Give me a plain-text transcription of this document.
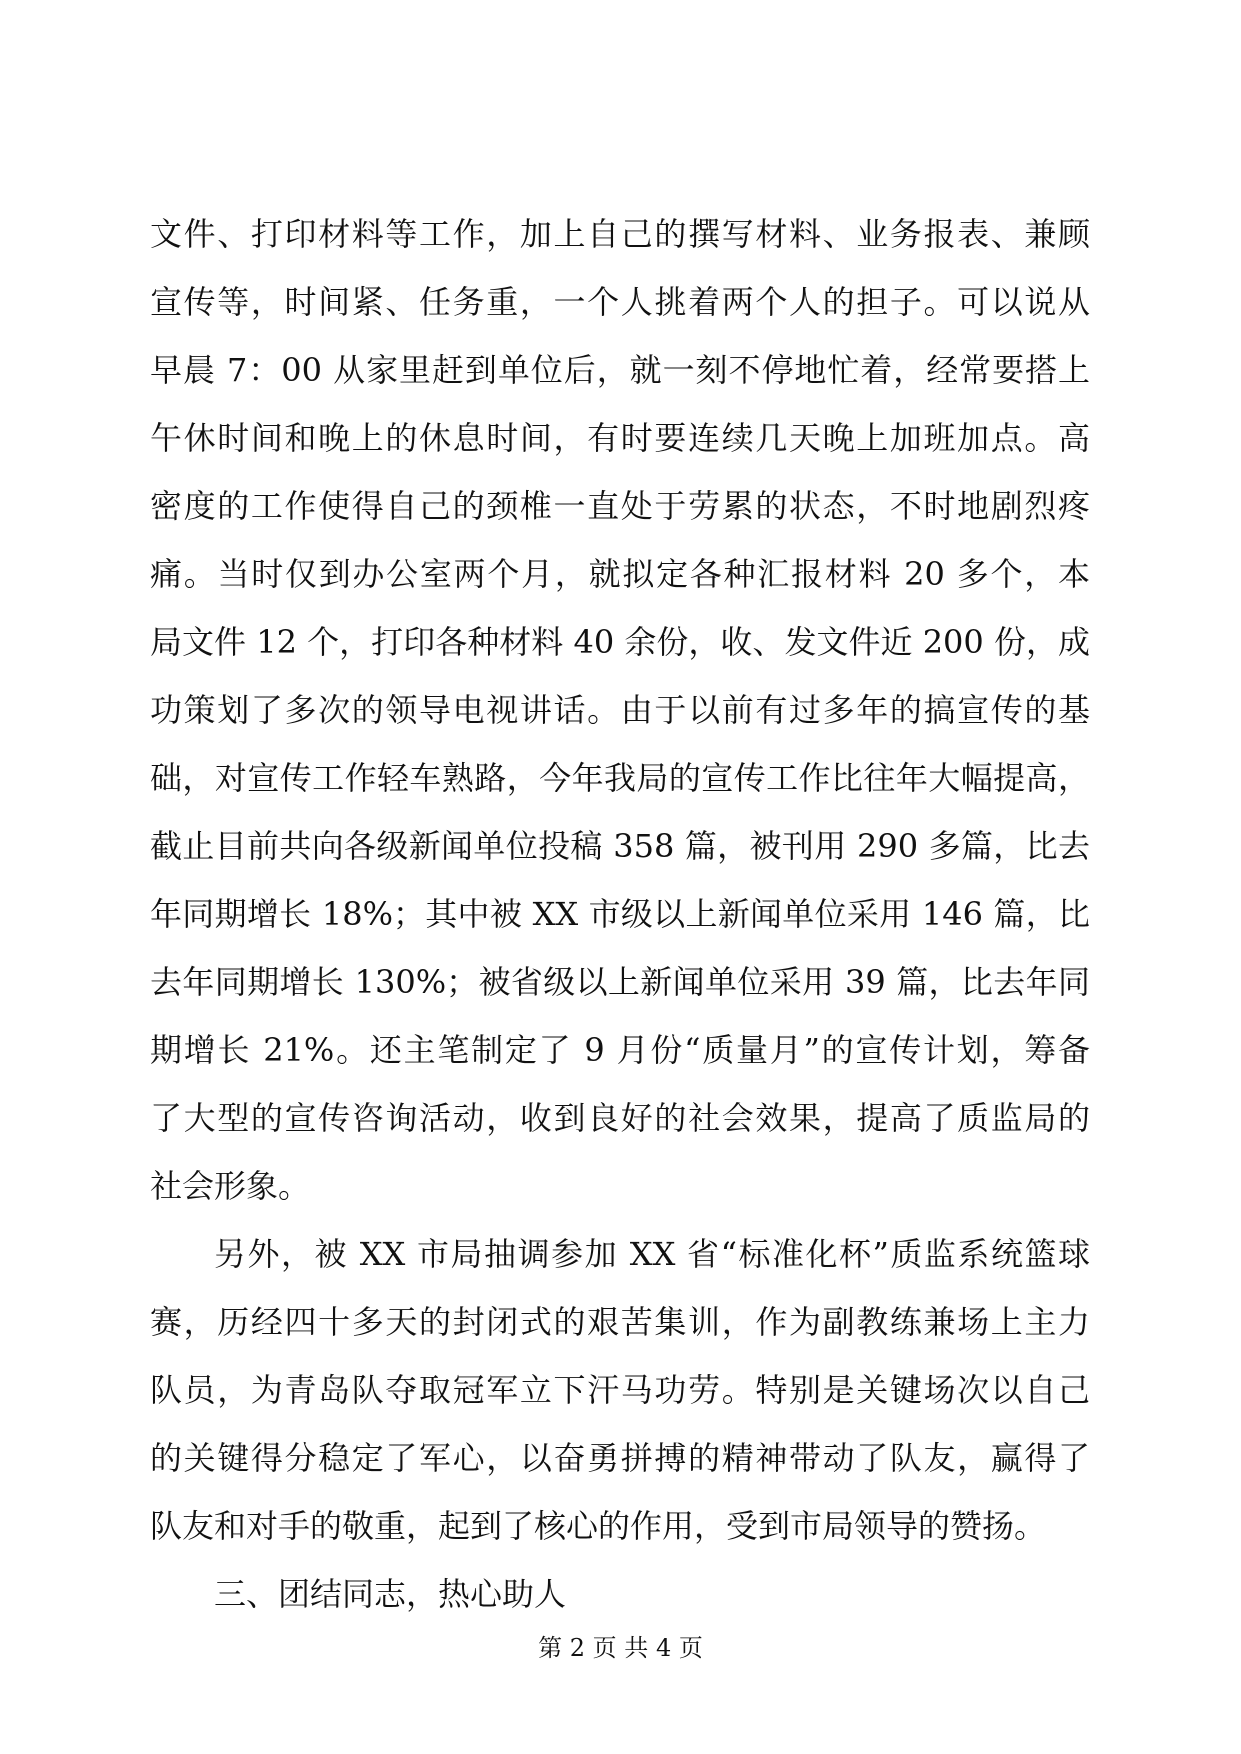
文件、打印材料等工作，加上自己的撰写材料、业务报表、兼顾
宣传等，时间紧、任务重，一个人挑着两个人的担子。可以说从
早晨 7：00 从家里赶到单位后，就一刻不停地忙着，经常要搭上
午休时间和晚上的休息时间，有时要连续几天晚上加班加点。高
密度的工作使得自己的颈椎一直处于劳累的状态，不时地剧烈疼
痛。当时仅到办公室两个月，就拟定各种汇报材料 20 多个，本
局文件 12 个，打印各种材料 40 余份，收、发文件近 200 份，成
功策划了多次的领导电视讲话。由于以前有过多年的搞宣传的基
础，对宣传工作轻车熟路，今年我局的宣传工作比往年大幅提高，
截止目前共向各级新闻单位投稿 358 篇，被刊用 290 多篇，比去
年同期增长 18%；其中被 XX 市级以上新闻单位采用 146 篇，比
去年同期增长 130%；被省级以上新闻单位采用 39 篇，比去年同
期增长 21%。还主笔制定了 9 月份“质量月”的宣传计划，筹备
了大型的宣传咨询活动，收到良好的社会效果，提高了质监局的
社会形象。
另外，被 XX 市局抽调参加 XX 省“标准化杯”质监系统篮球
赛，历经四十多天的封闭式的艰苦集训，作为副教练兼场上主力
队员，为青岛队夺取冠军立下汗马功劳。特别是关键场次以自己
的关键得分稳定了军心，以奋勇拼搏的精神带动了队友，赢得了
队友和对手的敬重，起到了核心的作用，受到市局领导的赞扬。
三、团结同志，热心助人
第 2 页 共 4 页
